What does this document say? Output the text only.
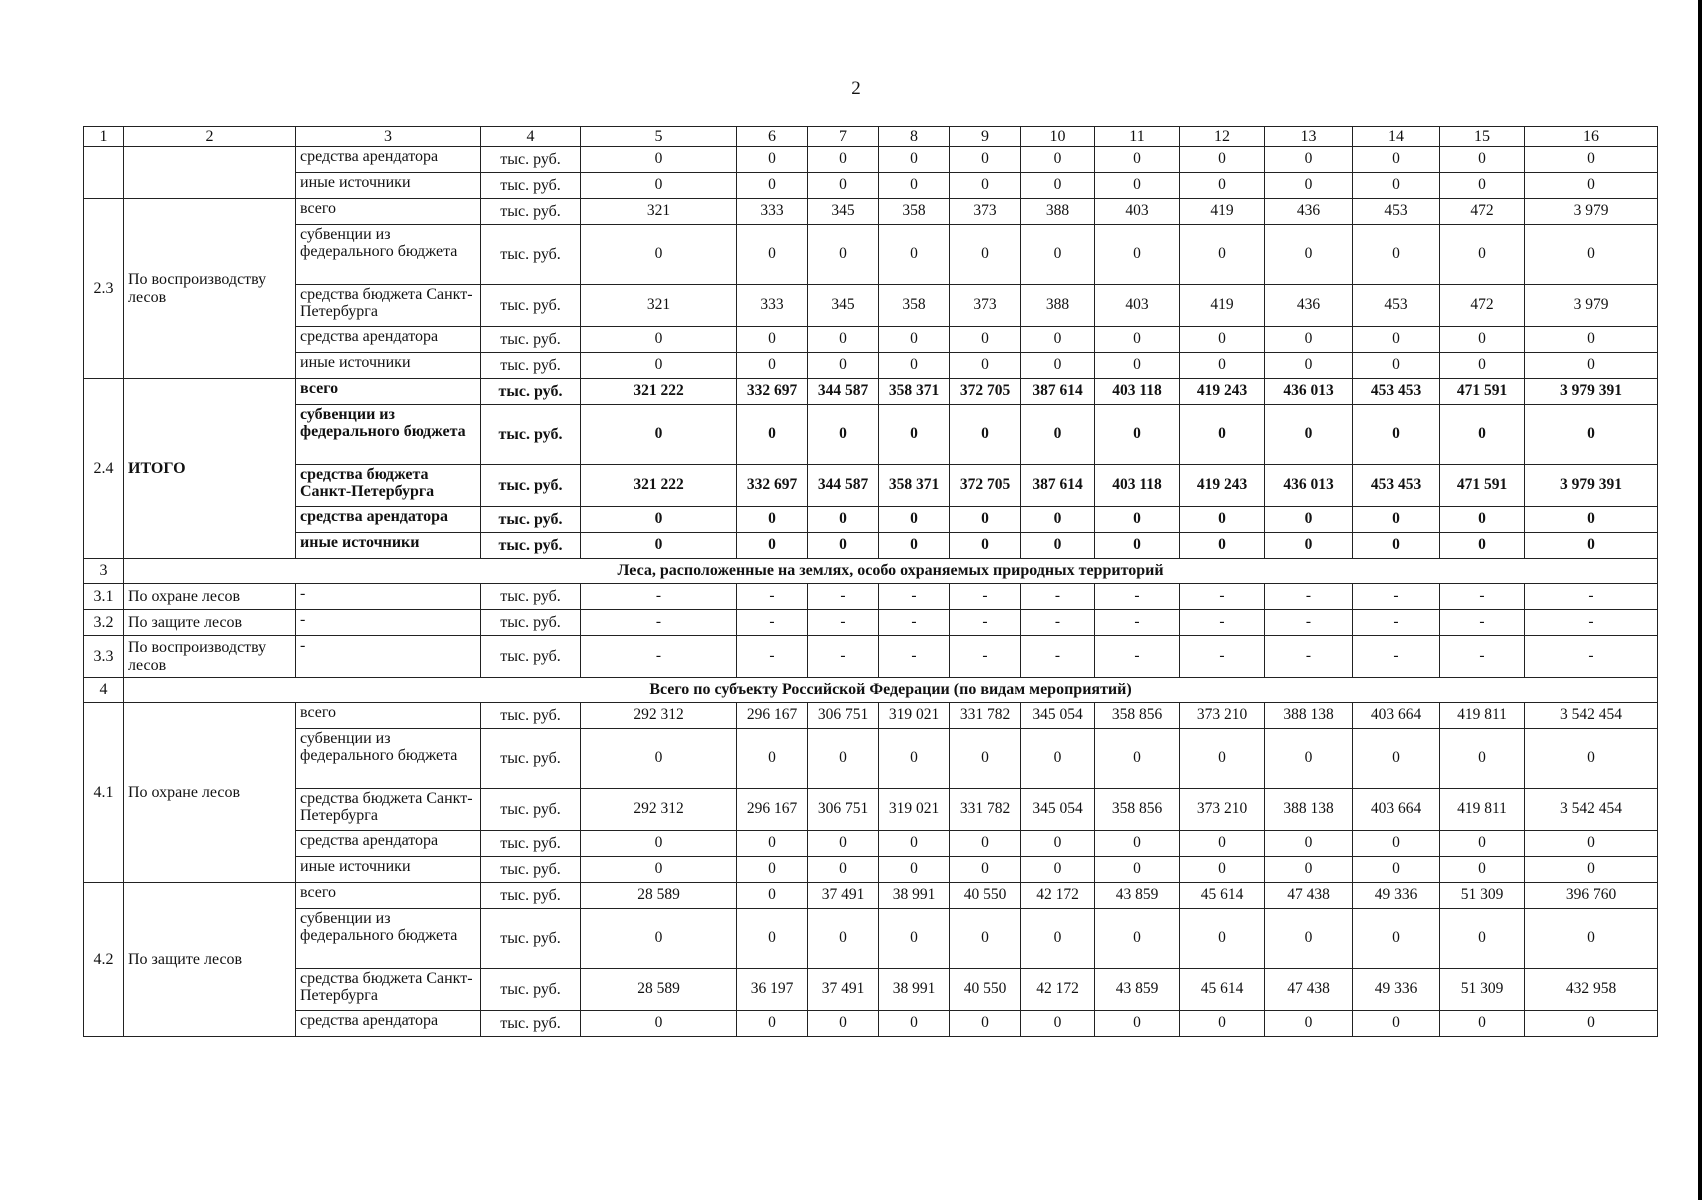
2
1	2	3	4	5	6	7	8	9	10	11	12	13	14	15	16
		средства арендатора	тыс. руб.	0	0	0	0	0	0	0	0	0	0	0	0
		иные источники	тыс. руб.	0	0	0	0	0	0	0	0	0	0	0	0
2.3	По воспроизводству лесов	всего	тыс. руб.	321	333	345	358	373	388	403	419	436	453	472	3 979
		субвенции из федерального бюджета	тыс. руб.	0	0	0	0	0	0	0	0	0	0	0	0
		средства бюджета Санкт-Петербурга	тыс. руб.	321	333	345	358	373	388	403	419	436	453	472	3 979
		средства арендатора	тыс. руб.	0	0	0	0	0	0	0	0	0	0	0	0
		иные источники	тыс. руб.	0	0	0	0	0	0	0	0	0	0	0	0
2.4	ИТОГО	всего	тыс. руб.	321 222	332 697	344 587	358 371	372 705	387 614	403 118	419 243	436 013	453 453	471 591	3 979 391
		субвенции из федерального бюджета	тыс. руб.	0	0	0	0	0	0	0	0	0	0	0	0
		средства бюджета Санкт-Петербурга	тыс. руб.	321 222	332 697	344 587	358 371	372 705	387 614	403 118	419 243	436 013	453 453	471 591	3 979 391
		средства арендатора	тыс. руб.	0	0	0	0	0	0	0	0	0	0	0	0
		иные источники	тыс. руб.	0	0	0	0	0	0	0	0	0	0	0	0
3	Леса, расположенные на землях, особо охраняемых природных территорий														
3.1	По охране лесов	-	тыс. руб.	-	-	-	-	-	-	-	-	-	-	-	-
3.2	По защите лесов	-	тыс. руб.	-	-	-	-	-	-	-	-	-	-	-	-
3.3	По воспроизводству лесов	-	тыс. руб.	-	-	-	-	-	-	-	-	-	-	-	-
4	Всего по субъекту Российской Федерации (по видам мероприятий)														
4.1	По охране лесов	всего	тыс. руб.	292 312	296 167	306 751	319 021	331 782	345 054	358 856	373 210	388 138	403 664	419 811	3 542 454
		субвенции из федерального бюджета	тыс. руб.	0	0	0	0	0	0	0	0	0	0	0	0
		средства бюджета Санкт-Петербурга	тыс. руб.	292 312	296 167	306 751	319 021	331 782	345 054	358 856	373 210	388 138	403 664	419 811	3 542 454
		средства арендатора	тыс. руб.	0	0	0	0	0	0	0	0	0	0	0	0
		иные источники	тыс. руб.	0	0	0	0	0	0	0	0	0	0	0	0
4.2	По защите лесов	всего	тыс. руб.	28 589	0	37 491	38 991	40 550	42 172	43 859	45 614	47 438	49 336	51 309	396 760
		субвенции из федерального бюджета	тыс. руб.	0	0	0	0	0	0	0	0	0	0	0	0
		средства бюджета Санкт-Петербурга	тыс. руб.	28 589	36 197	37 491	38 991	40 550	42 172	43 859	45 614	47 438	49 336	51 309	432 958
		средства арендатора	тыс. руб.	0	0	0	0	0	0	0	0	0	0	0	0
